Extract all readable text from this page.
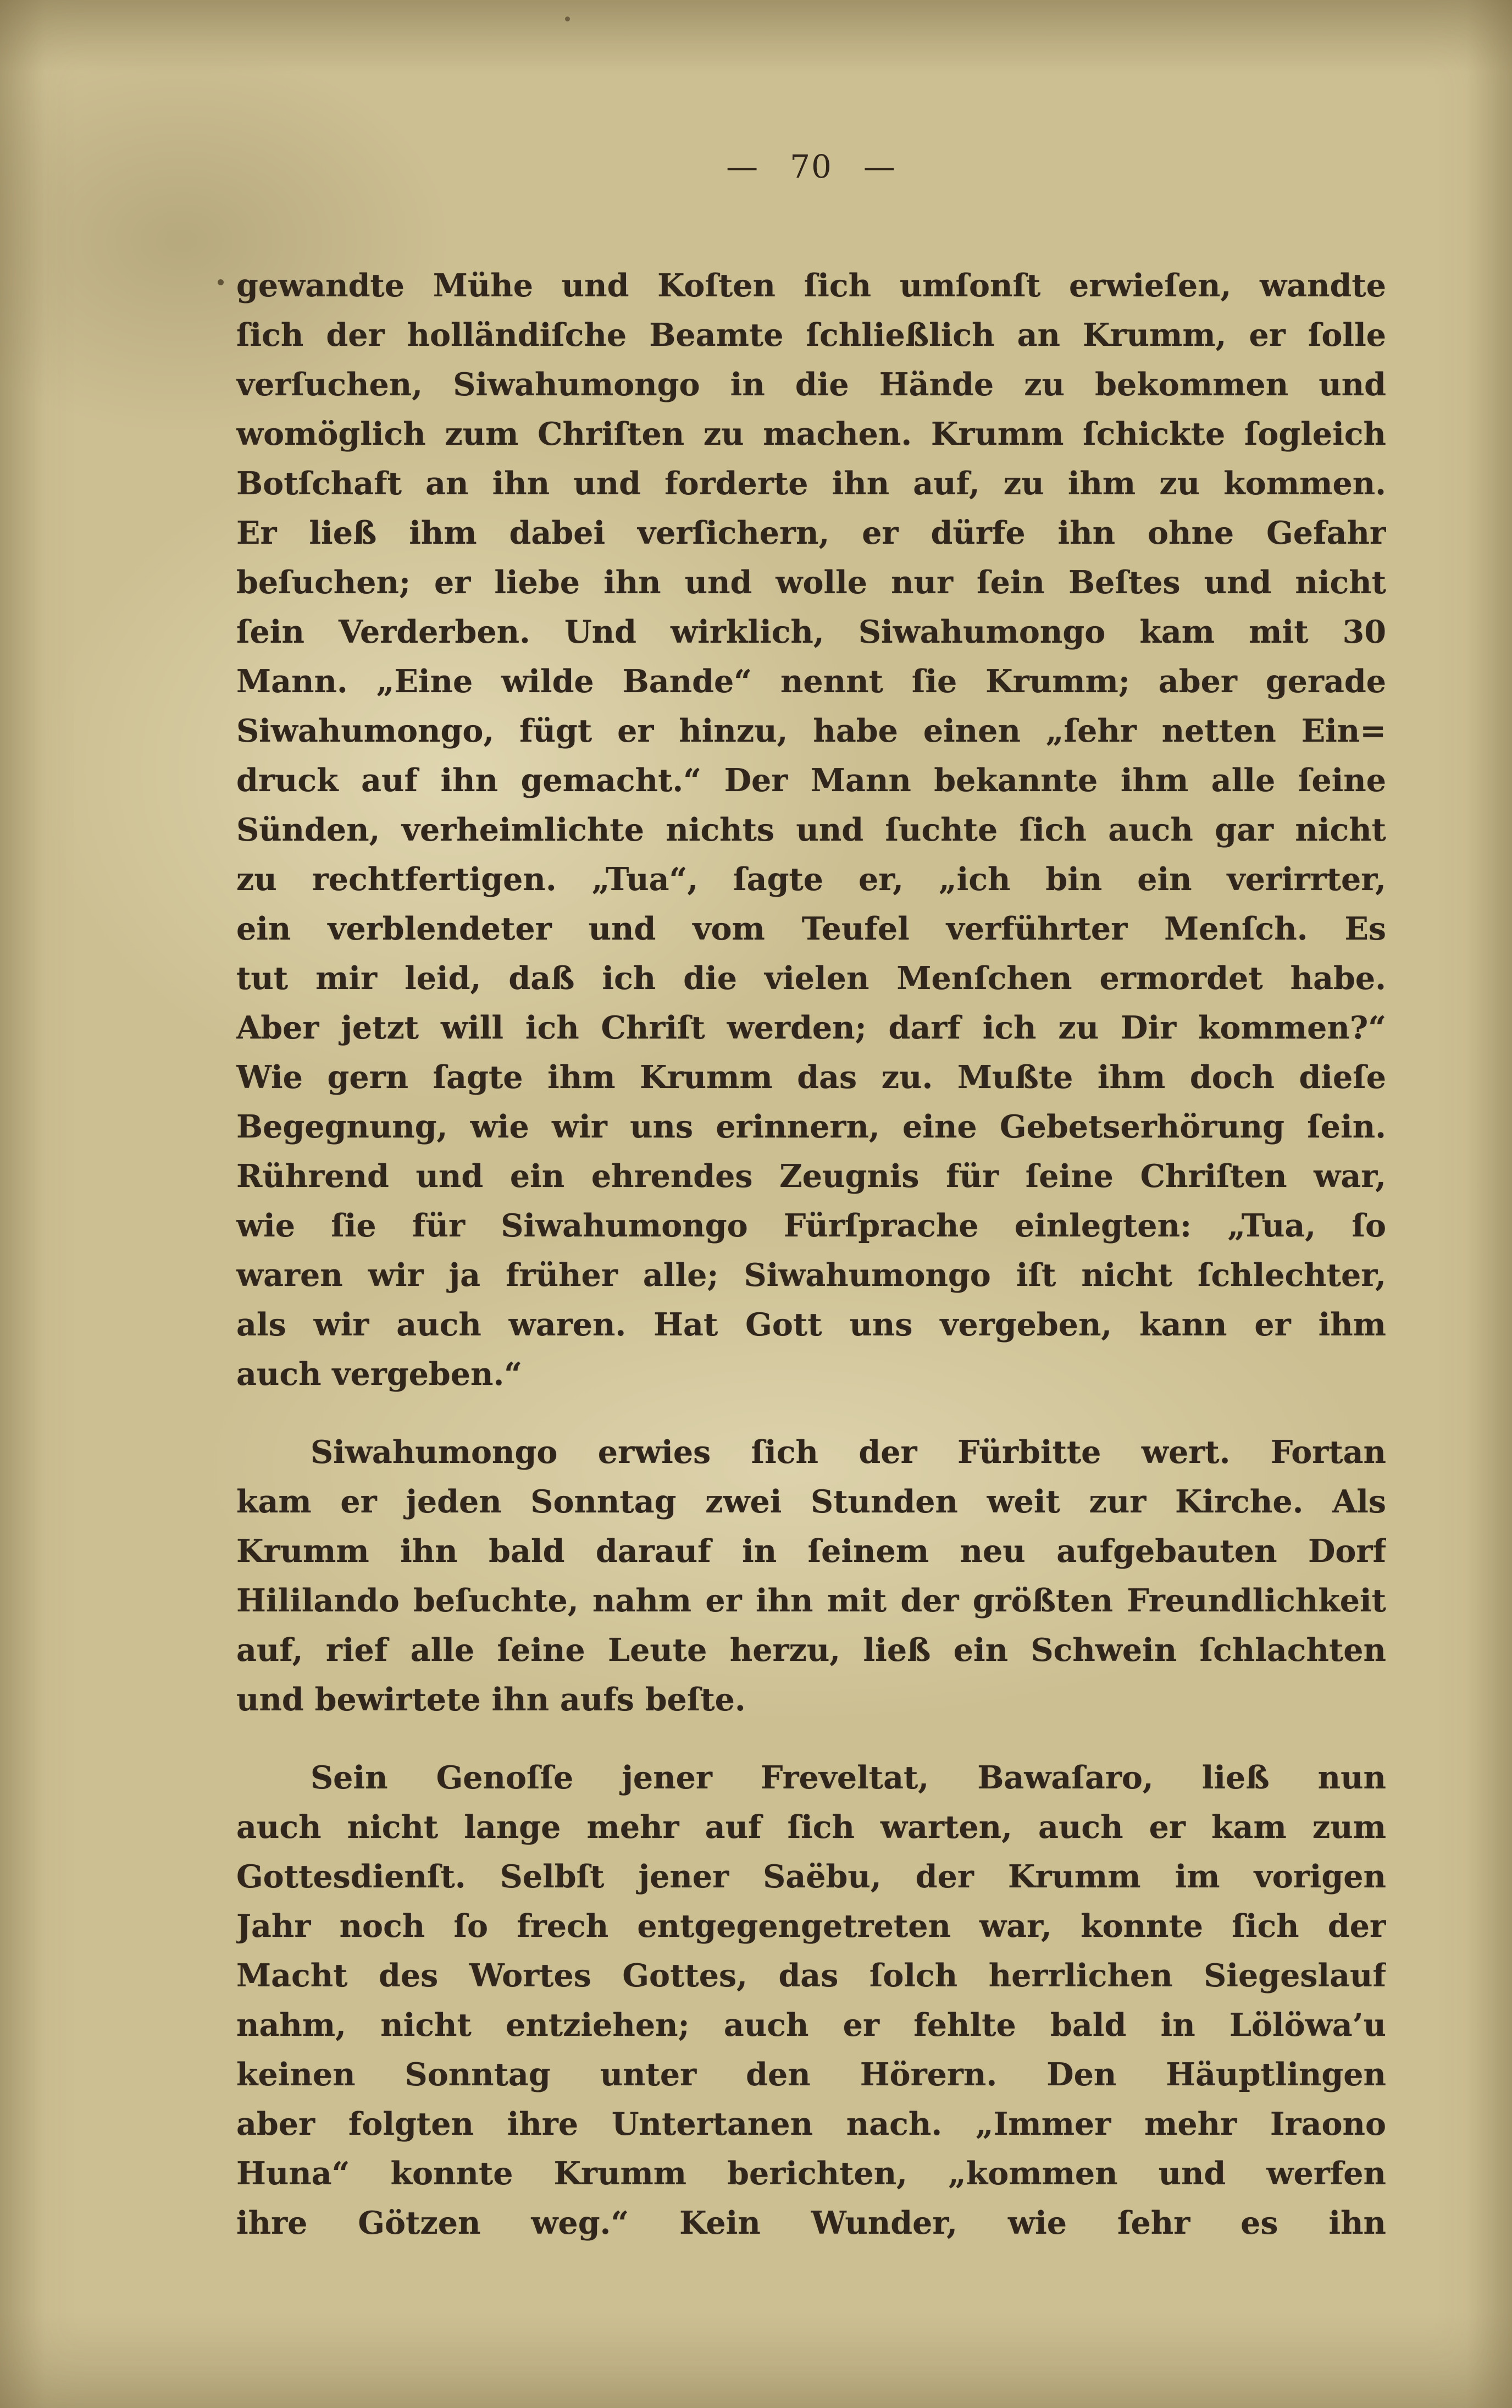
— 70 —
gewandte Mühe und Koſten ſich umſonſt erwieſen, wandte
ſich der holländiſche Beamte ſchließlich an Krumm, er ſolle
verſuchen, Siwahumongo in die Hände zu bekommen und
womöglich zum Chriſten zu machen. Krumm ſchickte ſogleich
Botſchaft an ihn und forderte ihn auf, zu ihm zu kommen.
Er ließ ihm dabei verſichern, er dürfe ihn ohne Gefahr
beſuchen; er liebe ihn und wolle nur ſein Beſtes und nicht
ſein Verderben. Und wirklich, Siwahumongo kam mit 30
Mann. „Eine wilde Bande“ nennt ſie Krumm; aber gerade
Siwahumongo, fügt er hinzu, habe einen „ſehr netten Ein=
druck auf ihn gemacht.“ Der Mann bekannte ihm alle ſeine
Sünden, verheimlichte nichts und ſuchte ſich auch gar nicht
zu rechtfertigen. „Tua“, ſagte er, „ich bin ein verirrter,
ein verblendeter und vom Teufel verführter Menſch. Es
tut mir leid, daß ich die vielen Menſchen ermordet habe.
Aber jetzt will ich Chriſt werden; darf ich zu Dir kommen?“
Wie gern ſagte ihm Krumm das zu. Mußte ihm doch dieſe
Begegnung, wie wir uns erinnern, eine Gebetserhörung ſein.
Rührend und ein ehrendes Zeugnis für ſeine Chriſten war,
wie ſie für Siwahumongo Fürſprache einlegten: „Tua, ſo
waren wir ja früher alle; Siwahumongo iſt nicht ſchlechter,
als wir auch waren. Hat Gott uns vergeben, kann er ihm
auch vergeben.“
Siwahumongo erwies ſich der Fürbitte wert. Fortan
kam er jeden Sonntag zwei Stunden weit zur Kirche. Als
Krumm ihn bald darauf in ſeinem neu aufgebauten Dorf
Hililando beſuchte, nahm er ihn mit der größten Freundlichkeit
auf, rief alle ſeine Leute herzu, ließ ein Schwein ſchlachten
und bewirtete ihn aufs beſte.
Sein Genoſſe jener Freveltat, Bawaſaro, ließ nun
auch nicht lange mehr auf ſich warten, auch er kam zum
Gottesdienſt. Selbſt jener Saëbu, der Krumm im vorigen
Jahr noch ſo frech entgegengetreten war, konnte ſich der
Macht des Wortes Gottes, das ſolch herrlichen Siegeslauf
nahm, nicht entziehen; auch er fehlte bald in Lölöwa’u
keinen Sonntag unter den Hörern. Den Häuptlingen
aber folgten ihre Untertanen nach. „Immer mehr Iraono
Huna“ konnte Krumm berichten, „kommen und werfen
ihre Götzen weg.“ Kein Wunder, wie ſehr es ihn
